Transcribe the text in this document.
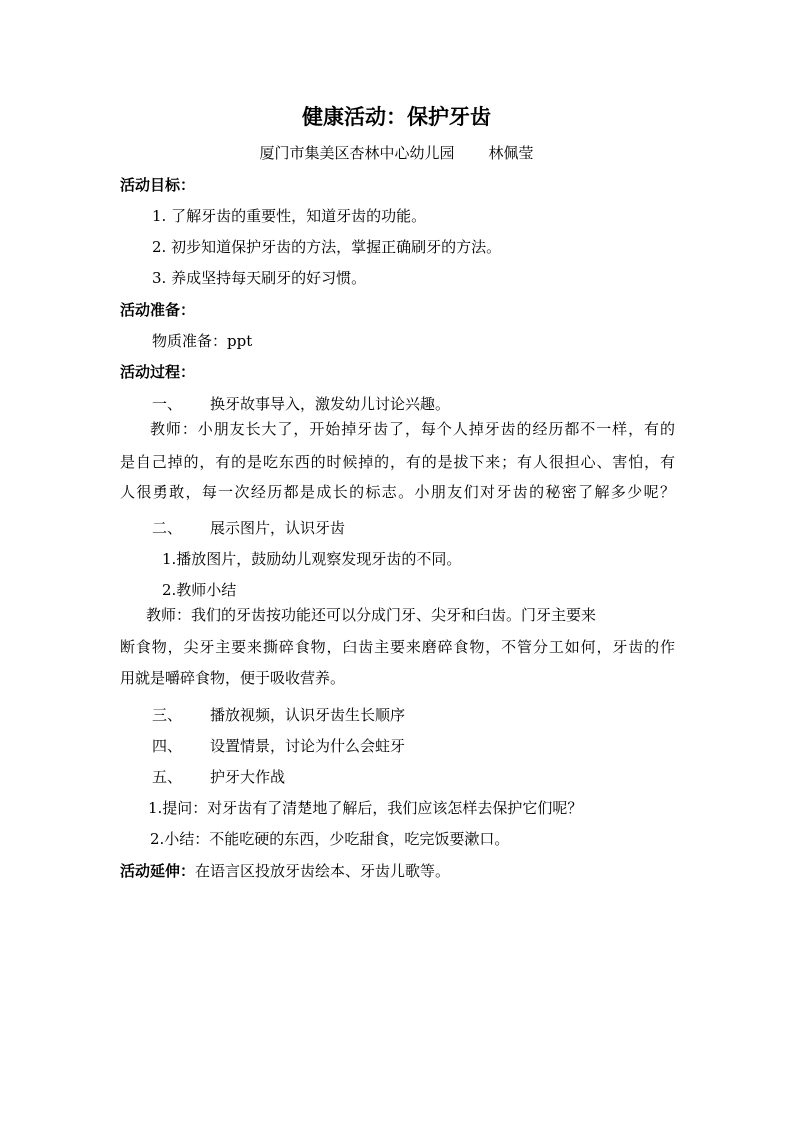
健康活动：保护牙齿
厦门市集美区杏林中心幼儿园 林佩莹
活动目标：
1. 了解牙齿的重要性，知道牙齿的功能。
2. 初步知道保护牙齿的方法，掌握正确刷牙的方法。
3. 养成坚持每天刷牙的好习惯。
活动准备：
物质准备：ppt
活动过程：
一、 换牙故事导入，激发幼儿讨论兴趣。
教师：小朋友长大了，开始掉牙齿了，每个人掉牙齿的经历都不一样，有的
是自己掉的，有的是吃东西的时候掉的，有的是拔下来；有人很担心、害怕，有
人很勇敢，每一次经历都是成长的标志。小朋友们对牙齿的秘密了解多少呢？
二、 展示图片，认识牙齿
1.播放图片，鼓励幼儿观察发现牙齿的不同。
2.教师小结
教师：我们的牙齿按功能还可以分成门牙、尖牙和臼齿。门牙主要来
断食物，尖牙主要来撕碎食物，臼齿主要来磨碎食物，不管分工如何，牙齿的作
用就是嚼碎食物，便于吸收营养。
三、 播放视频，认识牙齿生长顺序
四、 设置情景，讨论为什么会蛀牙
五、 护牙大作战
1.提问：对牙齿有了清楚地了解后，我们应该怎样去保护它们呢？
2.小结：不能吃硬的东西，少吃甜食，吃完饭要漱口。
活动延伸：在语言区投放牙齿绘本、牙齿儿歌等。
